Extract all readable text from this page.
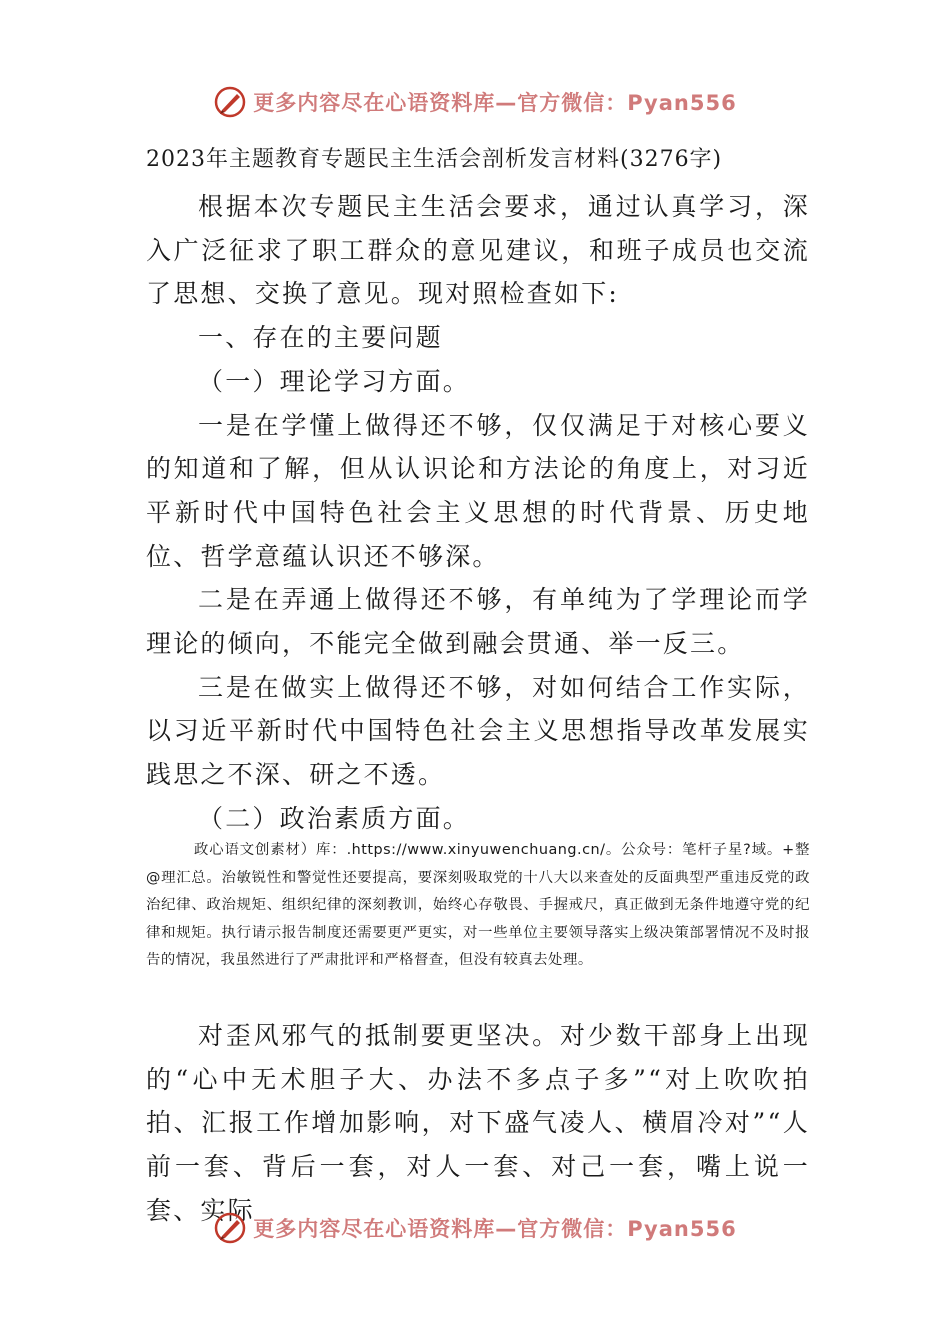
更多内容尽在心语资料库—官方微信：Pyan556
2023年主题教育专题民主生活会剖析发言材料(3276字)

根据本次专题民主生活会要求，通过认真学习，深入广泛征求了职工群众的意见建议，和班子成员也交流了思想、交换了意见。现对照检查如下:

一、存在的主要问题

（一）理论学习方面。

一是在学懂上做得还不够，仅仅满足于对核心要义的知道和了解，但从认识论和方法论的角度上，对习近平新时代中国特色社会主义思想的时代背景、历史地位、哲学意蕴认识还不够深。

二是在弄通上做得还不够，有单纯为了学理论而学理论的倾向，不能完全做到融会贯通、举一反三。

三是在做实上做得还不够，对如何结合工作实际，以习近平新时代中国特色社会主义思想指导改革发展实践思之不深、研之不透。

（二）政治素质方面。

政心语文创素材）库：.https://www.xinyuwenchuang.cn/。公众号：笔杆子星?域。+整@理汇总。治敏锐性和警觉性还要提高，要深刻吸取党的十八大以来查处的反面典型严重违反党的政治纪律、政治规矩、组织纪律的深刻教训，始终心存敬畏、手握戒尺，真正做到无条件地遵守党的纪律和规矩。执行请示报告制度还需要更严更实，对一些单位主要领导落实上级决策部署情况不及时报告的情况，我虽然进行了严肃批评和严格督查，但没有较真去处理。

对歪风邪气的抵制要更坚决。对少数干部身上出现的“心中无术胆子大、办法不多点子多”“对上吹吹拍拍、汇报工作增加影响，对下盛气凌人、横眉冷对”“人前一套、背后一套，对人一套、对己一套，嘴上说一套、实际

更多内容尽在心语资料库—官方微信：Pyan556
